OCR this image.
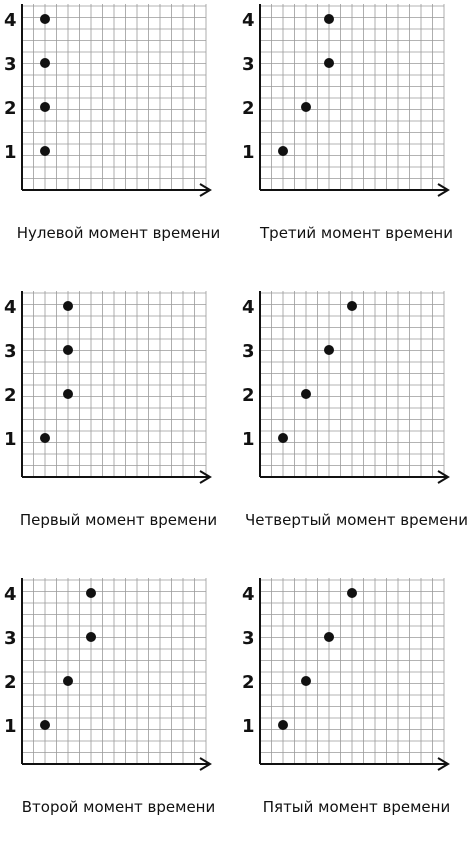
1
2
3
4
Нулевой момент времени
1
2
3
4
Третий момент времени
1
2
3
4
Первый момент времени
1
2
3
4
Четвертый момент времени
1
2
3
4
Второй момент времени
1
2
3
4
Пятый момент времени
